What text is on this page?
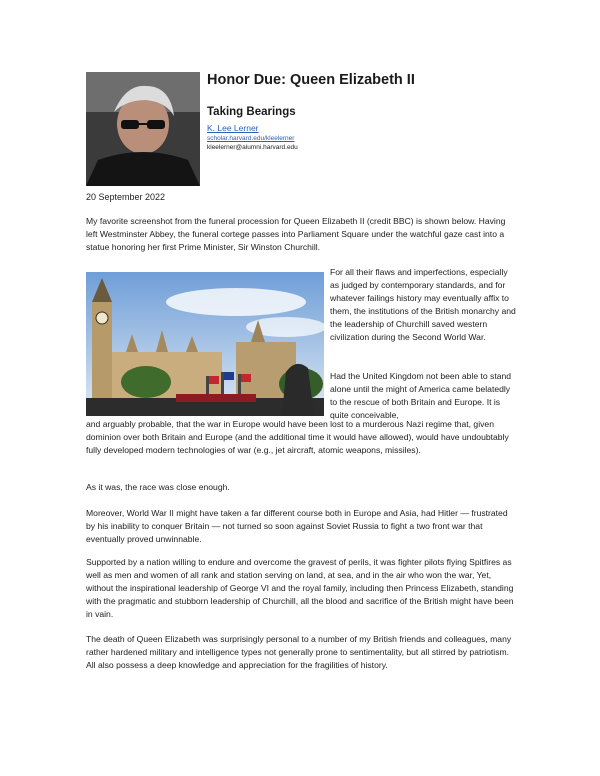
Honor Due: Queen Elizabeth II
Taking Bearings
K. Lee Lerner
scholar.harvard.edu/kleelerner
kleelerner@alumni.harvard.edu
20 September 2022

My favorite screenshot from the funeral procession for Queen Elizabeth II (credit BBC) is shown below. Having left Westminster Abbey, the funeral cortege passes into Parliament Square under the watchful gaze cast into a statue honoring her first Prime Minister, Sir Winston Churchill.

For all their flaws and imperfections, especially as judged by contemporary standards, and for whatever failings history may eventually affix to them, the institutions of the British monarchy and the leadership of Churchill saved western civilization during the Second World War.

Had the United Kingdom not been able to stand alone until the might of America came belatedly to the rescue of both Britain and Europe. It is quite conceivable,

and arguably probable, that the war in Europe would have been lost to a murderous Nazi regime that, given dominion over both Britain and Europe (and the additional time it would have allowed), would have undoubtably fully developed modern technologies of war (e.g., jet aircraft, atomic weapons, missiles).

As it was, the race was close enough.

Moreover, World War II might have taken a far different course both in Europe and Asia, had Hitler — frustrated by his inability to conquer Britain — not turned so soon against Soviet Russia to fight a two front war that eventually proved unwinnable.

Supported by a nation willing to endure and overcome the gravest of perils, it was fighter pilots flying Spitfires as well as men and women of all rank and station serving on land, at sea, and in the air who won the war, Yet, without the inspirational leadership of George VI and the royal family, including then Princess Elizabeth, standing with the pragmatic and stubborn leadership of Churchill, all the blood and sacrifice of the British might have been in vain.

The death of Queen Elizabeth was surprisingly personal to a number of my British friends and colleagues, many rather hardened military and intelligence types not generally prone to sentimentality, but all stirred by patriotism. All also possess a deep knowledge and appreciation for the fragilities of history.
